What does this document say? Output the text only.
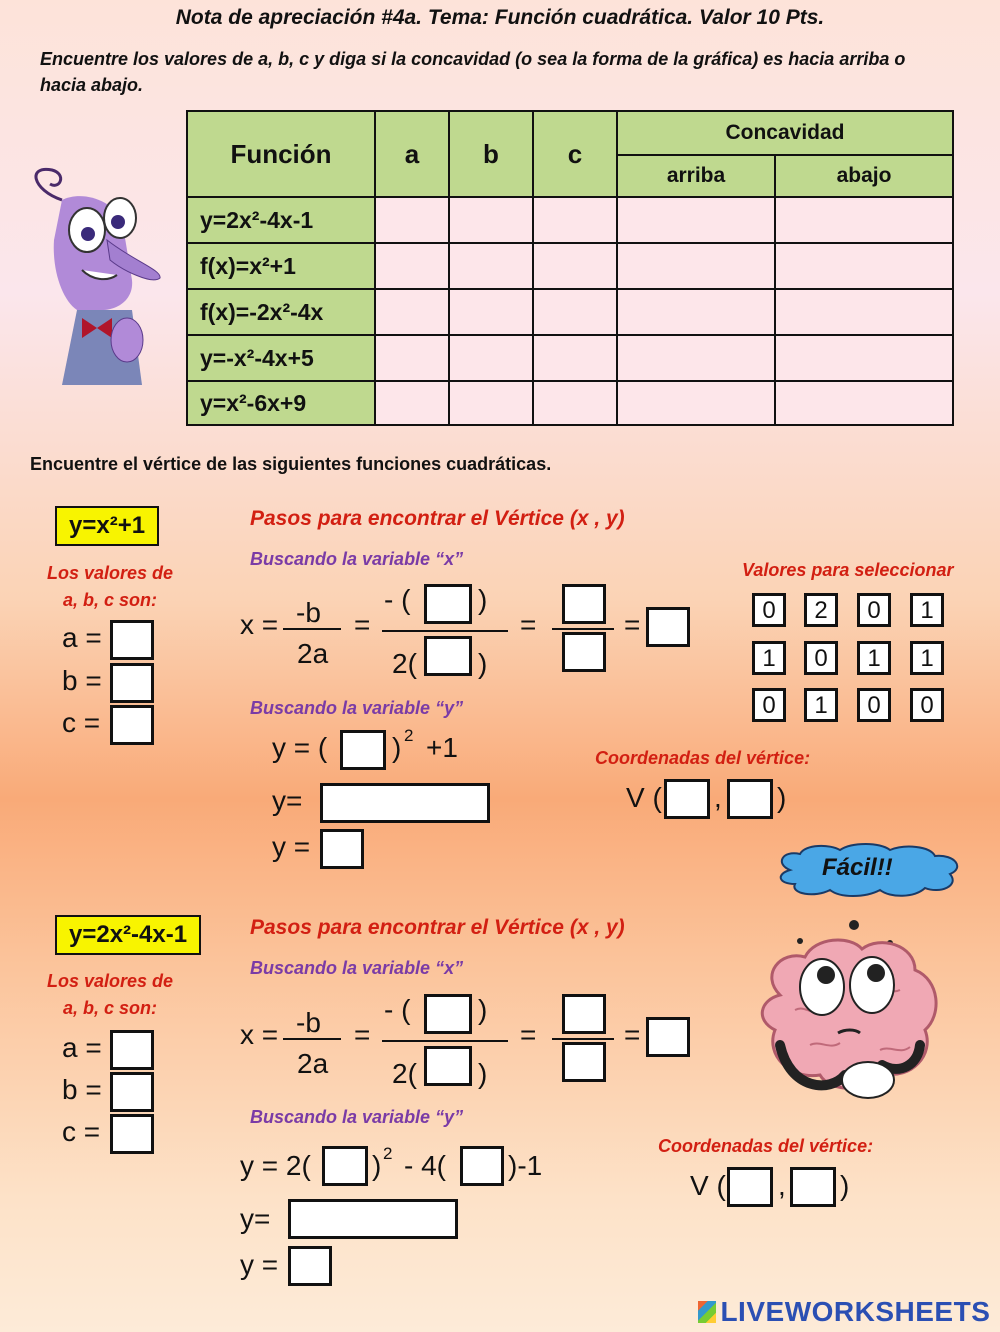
Nota de apreciación #4a. Tema: Función cuadrática. Valor 10 Pts.
Encuentre los valores de a, b, c y diga si la concavidad (o sea la forma de la gráfica) es hacia arriba o hacia abajo.
Función	a	b	c	Concavidad	
				arriba	abajo
y=2x²-4x-1					
f(x)=x²+1					
f(x)=-2x²-4x					
y=-x²-4x+5					
y=x²-6x+9					
Encuentre el vértice de las siguientes funciones cuadráticas.
y=x²+1
Los valores de
a, b, c son:
a =
b =
c =
Pasos para encontrar el Vértice (x , y)
Buscando la variable “x”
x = -b
2a
=
- ( )
2( )
=	=
Valores para seleccionar
0	2	0	1
1	0	1	1
0	1	0	0
Buscando la variable “y”
y = ( ) 2 +1
y=
y =
Coordenadas del vértice:
V ( , )
Fácil!!
y=2x²-4x-1
Los valores de
a, b, c son:
a =
b =
c =
Pasos para encontrar el Vértice (x , y)
Buscando la variable “x”
x = -b
2a
=
- ( )
2( )
=	=
Buscando la variable “y”
y = 2( ) 2 - 4( )-1
y=
y =
Coordenadas del vértice:
V ( , )
LIVEWORKSHEETS
